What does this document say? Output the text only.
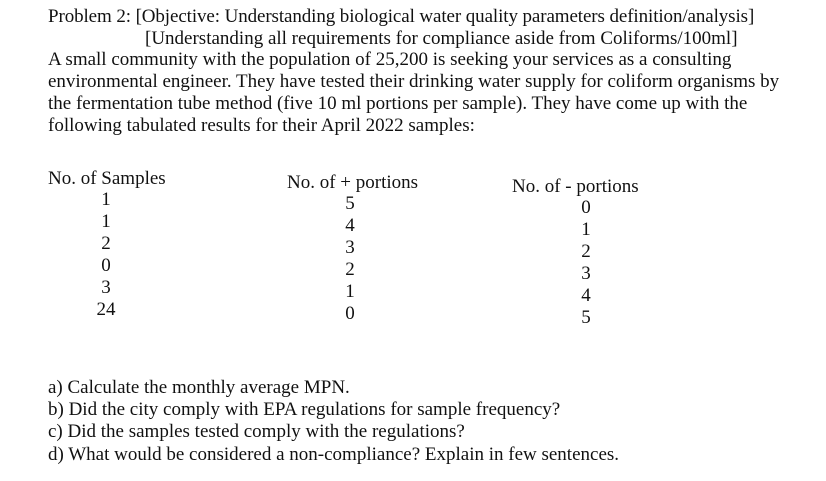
Problem 2: [Objective: Understanding biological water quality parameters definition/analysis]
[Understanding all requirements for compliance aside from Coliforms/100ml]
A small community with the population of 25,200 is seeking your services as a consulting
environmental engineer. They have tested their drinking water supply for coliform organisms by
the fermentation tube method (five 10 ml portions per sample). They have come up with the
following tabulated results for their April 2022 samples:
No. of Samples
1
1
2
0
3
24
No. of + portions
5
4
3
2
1
0
No. of - portions
0
1
2
3
4
5
a) Calculate the monthly average MPN.
b) Did the city comply with EPA regulations for sample frequency?
c) Did the samples tested comply with the regulations?
d) What would be considered a non-compliance? Explain in few sentences.
